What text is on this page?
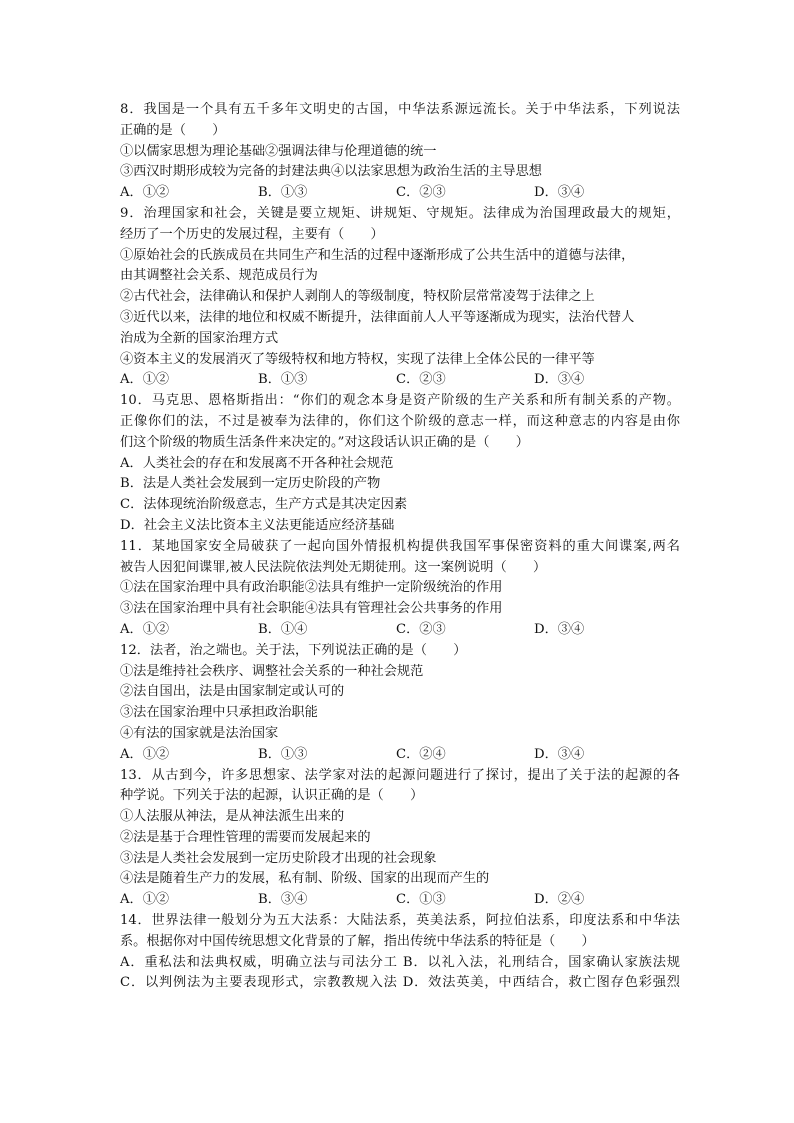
8．我国是一个具有五千多年文明史的古国，中华法系源远流长。关于中华法系，下列说法
正确的是（　　）
①以儒家思想为理论基础②强调法律与伦理道德的统一
③西汉时期形成较为完备的封建法典④以法家思想为政治生活的主导思想
A．①②	B．①③	C．②③	D．③④
9．治理国家和社会，关键是要立规矩、讲规矩、守规矩。法律成为治国理政最大的规矩，
经历了一个历史的发展过程，主要有（　　）
①原始社会的氏族成员在共同生产和生活的过程中逐渐形成了公共生活中的道德与法律，
由其调整社会关系、规范成员行为
②古代社会，法律确认和保护人剥削人的等级制度，特权阶层常常凌驾于法律之上
③近代以来，法律的地位和权威不断提升，法律面前人人平等逐渐成为现实，法治代替人
治成为全新的国家治理方式
④资本主义的发展消灭了等级特权和地方特权，实现了法律上全体公民的一律平等
A．①②	B．①③	C．②③	D．③④
10．马克思、恩格斯指出：“你们的观念本身是资产阶级的生产关系和所有制关系的产物。
正像你们的法，不过是被奉为法律的，你们这个阶级的意志一样，而这种意志的内容是由你
们这个阶级的物质生活条件来决定的。”对这段话认识正确的是（　　）
A．人类社会的存在和发展离不开各种社会规范
B．法是人类社会发展到一定历史阶段的产物
C．法体现统治阶级意志，生产方式是其决定因素
D．社会主义法比资本主义法更能适应经济基础
11．某地国家安全局破获了一起向国外情报机构提供我国军事保密资料的重大间谍案,两名
被告人因犯间谍罪,被人民法院依法判处无期徒刑。这一案例说明（　　）
①法在国家治理中具有政治职能②法具有维护一定阶级统治的作用
③法在国家治理中具有社会职能④法具有管理社会公共事务的作用
A．①②	B．①④	C．②③	D．③④
12．法者，治之端也。关于法，下列说法正确的是（　　）
①法是维持社会秩序、调整社会关系的一种社会规范
②法自国出，法是由国家制定或认可的
③法在国家治理中只承担政治职能
④有法的国家就是法治国家
A．①②	B．①③	C．②④	D．③④
13．从古到今，许多思想家、法学家对法的起源问题进行了探讨，提出了关于法的起源的各
种学说。下列关于法的起源，认识正确的是（　　）
①人法服从神法，是从神法派生出来的
②法是基于合理性管理的需要而发展起来的
③法是人类社会发展到一定历史阶段才出现的社会现象
④法是随着生产力的发展，私有制、阶级、国家的出现而产生的
A．①②	B．③④	C．①③	D．②④
14．世界法律一般划分为五大法系：大陆法系，英美法系，阿拉伯法系，印度法系和中华法
系。根据你对中国传统思想文化背景的了解，指出传统中华法系的特征是（　　）
A．重私法和法典权威，明确立法与司法分工 B．以礼入法，礼刑结合，国家确认家族法规
C．以判例法为主要表现形式，宗教教规入法 D．效法英美，中西结合，救亡图存色彩强烈
